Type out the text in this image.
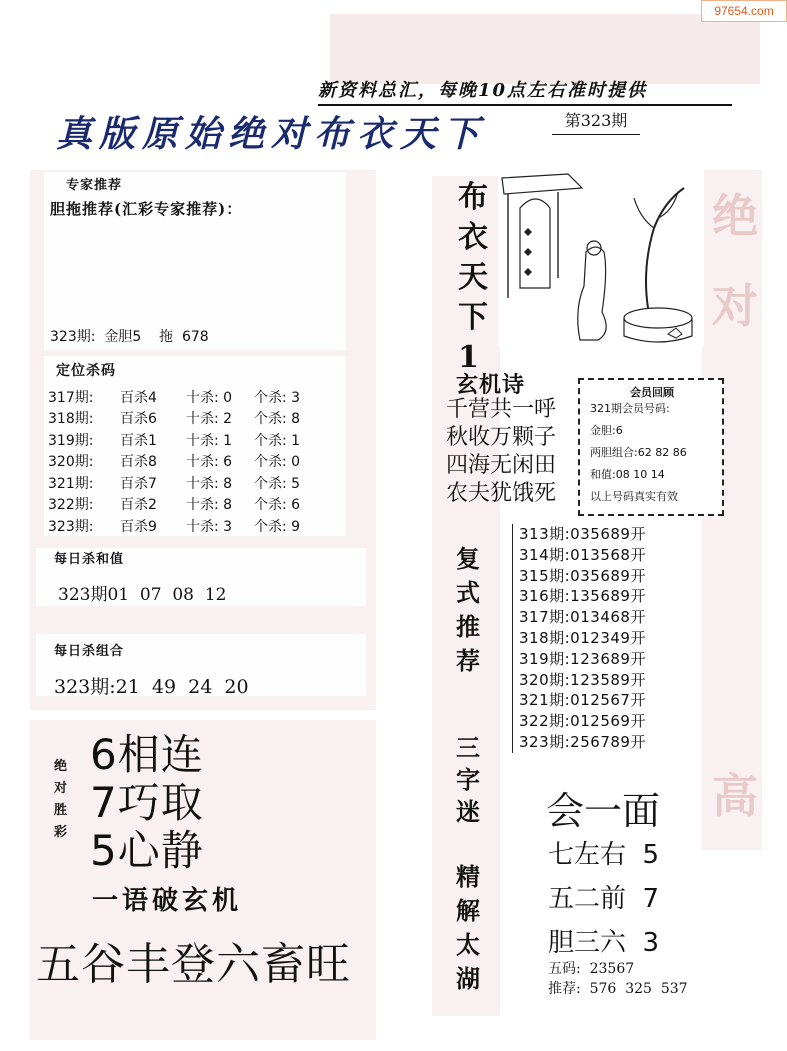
绝
对
高
97654.com
新资料总汇，每晚10点左右准时提供
真版原始绝对布衣天下	第323期
专家推荐
胆拖推荐(汇彩专家推荐)：
323期:  金胆5    拖  678
定位杀码
317期:	百杀4	十杀: 0	个杀: 3
318期:	百杀6	十杀: 2	个杀: 8
319期:	百杀1	十杀: 1	个杀: 1
320期:	百杀8	十杀: 6	个杀: 0
321期:	百杀7	十杀: 8	个杀: 5
322期:	百杀2	十杀: 8	个杀: 6
323期:	百杀9	十杀: 3	个杀: 9
每日杀和值
323期01  07  08  12
每日杀组合
323期:21  49  24  20
绝
对
胜
彩
6相连
7巧取
5心静
一语破玄机
五谷丰登六畜旺
布
衣
天
下
1
玄机诗
千营共一呼
秋收万颗子
四海无闲田
农夫犹饿死
复
式
推
荐
三
字
迷
精
解
太
湖
会员回顾
321期会员号码:
金胆:6
两胆组合:62 82 86
和值:08 10 14
以上号码真实有效
313期:035689开
314期:013568开
315期:035689开
316期:135689开
317期:013468开
318期:012349开
319期:123689开
320期:123589开
321期:012567开
322期:012569开
323期:256789开
会一面
七左右  5
五二前  7
胆三六  3
五码:  23567
推荐:  576  325  537
